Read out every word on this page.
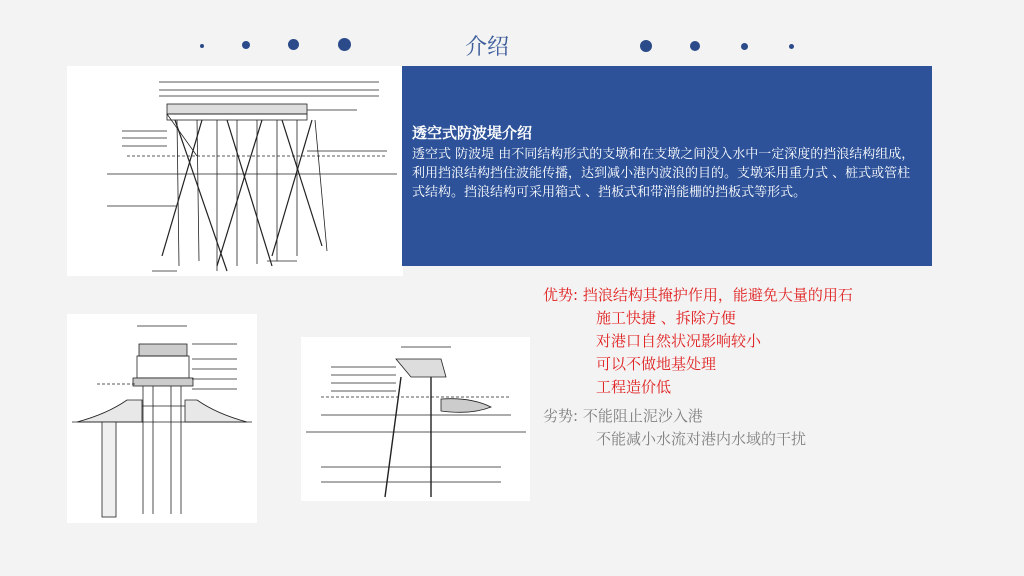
介绍
透空式防波堤介绍
透空式 防波堤 由不同结构形式的支墩和在支墩之间没入水中一定深度的挡浪结构组成， 利用挡浪结构挡住波能传播，达到减小港内波浪的目的。支墩采用重力式 、桩式或管柱式结构。挡浪结构可采用箱式 、挡板式和带消能栅的挡板式等形式。
优势: 挡浪结构其掩护作用，能避免大量的用石
施工快捷 、拆除方便
对港口自然状况影响较小
可以不做地基处理
工程造价低
劣势: 不能阻止泥沙入港
不能减小水流对港内水域的干扰
